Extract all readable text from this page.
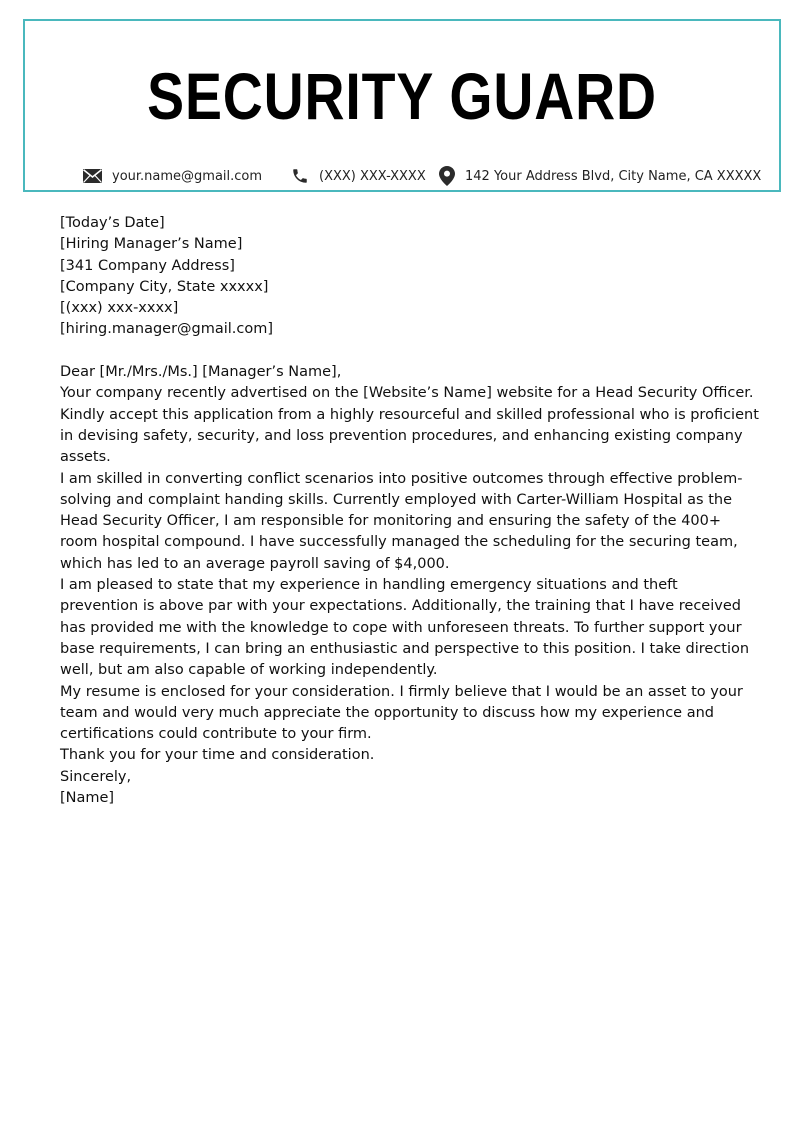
SECURITY GUARD
your.name@gmail.com	(XXX) XXX-XXXX	142 Your Address Blvd, City Name, CA XXXXX

[Today’s Date]

[Hiring Manager’s Name]

[341 Company Address]

[Company City, State xxxxx]

[(xxx) xxx-xxxx]

[hiring.manager@gmail.com]

Dear [Mr./Mrs./Ms.] [Manager’s Name],

Your company recently advertised on the [Website’s Name] website for a Head Security Officer. Kindly accept this application from a highly resourceful and skilled professional who is proficient in devising safety, security, and loss prevention procedures, and enhancing existing company assets.

I am skilled in converting conflict scenarios into positive outcomes through effective problem-solving and complaint handing skills. Currently employed with Carter-William Hospital as the Head Security Officer, I am responsible for monitoring and ensuring the safety of the 400+ room hospital compound. I have successfully managed the scheduling for the securing team, which has led to an average payroll saving of $4,000.

I am pleased to state that my experience in handling emergency situations and theft prevention is above par with your expectations. Additionally, the training that I have received has provided me with the knowledge to cope with unforeseen threats. To further support your base requirements, I can bring an enthusiastic and perspective to this position. I take direction well, but am also capable of working independently.

My resume is enclosed for your consideration. I firmly believe that I would be an asset to your team and would very much appreciate the opportunity to discuss how my experience and certifications could contribute to your firm.

Thank you for your time and consideration.

Sincerely,

[Name]
